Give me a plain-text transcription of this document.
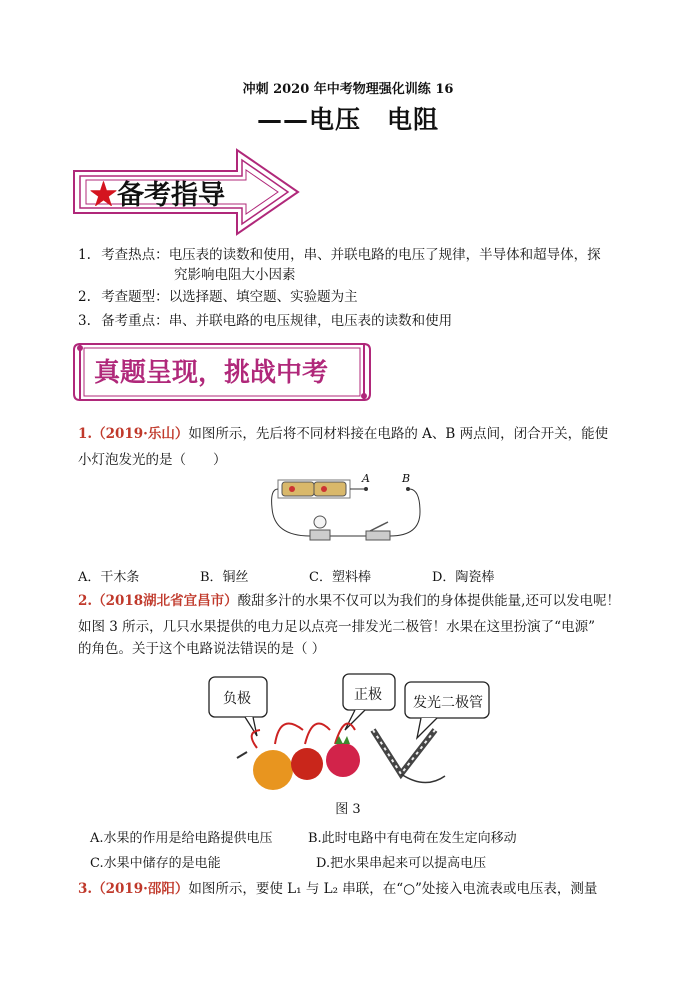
冲刺 2020 年中考物理强化训练 16
——电压　电阻
★备考指导
1. 考查热点：电压表的读数和使用，串、并联电路的电压了规律，半导体和超导体，探
究影响电阻大小因素
2. 考查题型：以选择题、填空题、实验题为主
3. 备考重点：串、并联电路的电压规律，电压表的读数和使用
真题呈现，挑战中考
1.（2019·乐山）如图所示，先后将不同材料接在电路的 A、B 两点间，闭合开关，能使
小灯泡发光的是（　　）
A	B
A．干木条	B．铜丝	C．塑料棒	D．陶瓷棒
2.（2018湖北省宜昌市）酸甜多汁的水果不仅可以为我们的身体提供能量,还可以发电呢！
如图 3 所示，几只水果提供的电力足以点亮一排发光二极管！水果在这里扮演了“电源”
的角色。关于这个电路说法错误的是（ ）
负极	正极 发光二极管
图 3
A.水果的作用是给电路提供电压	B.此时电路中有电荷在发生定向移动
C.水果中储存的是电能	D.把水果串起来可以提高电压
3.（2019·邵阳）如图所示，要使 L₁ 与 L₂ 串联，在“○”处接入电流表或电压表，测量
